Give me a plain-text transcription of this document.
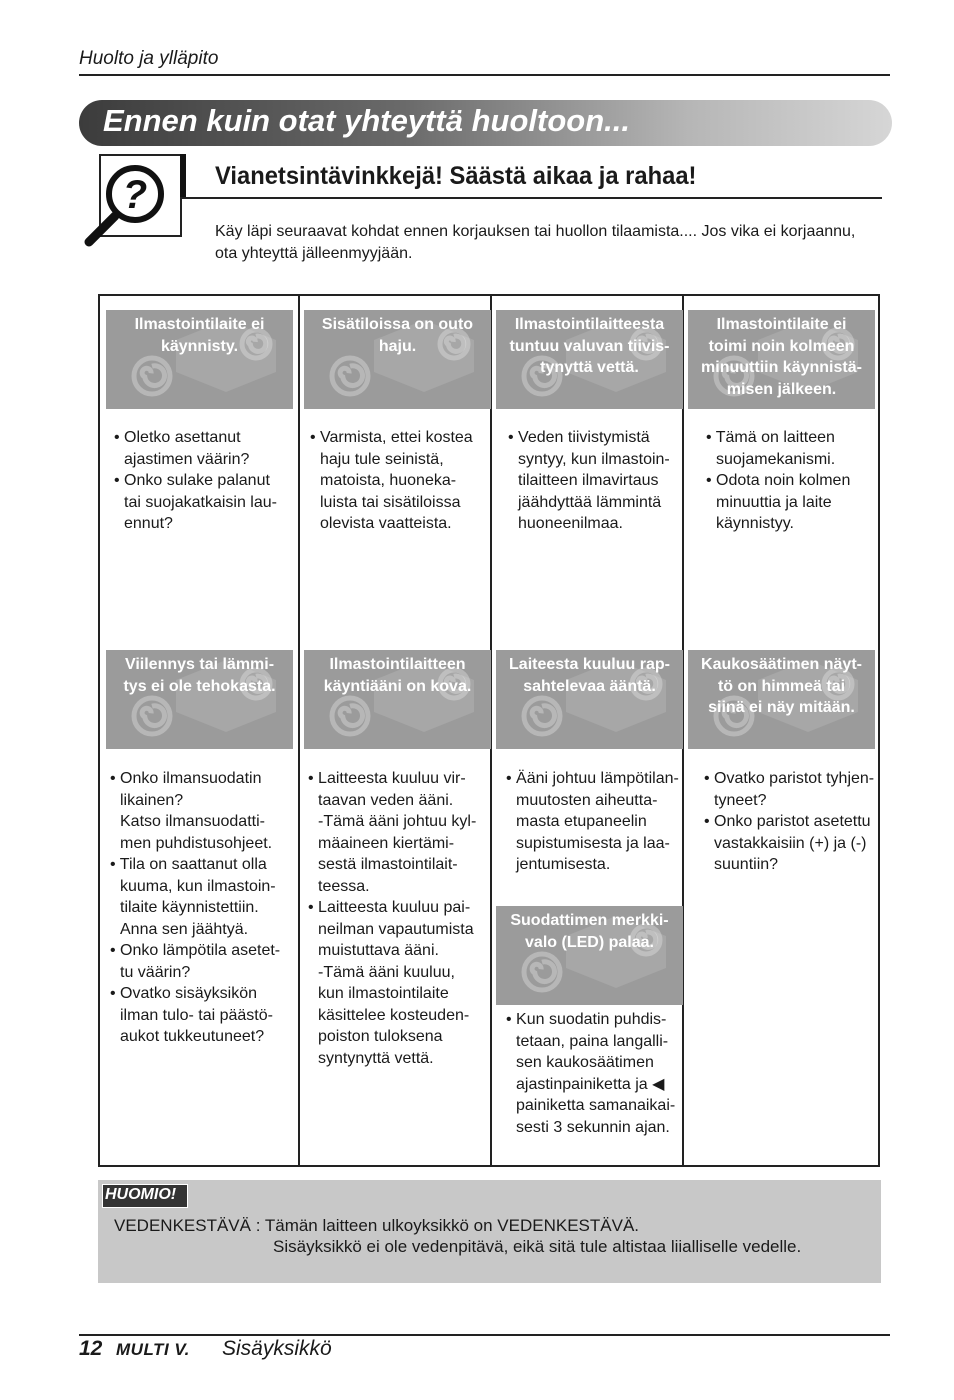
Huolto ja ylläpito
Ennen kuin otat yhteyttä huoltoon...
?	Vianetsintävinkkejä! Säästä aikaa ja rahaa!
Käy läpi seuraavat kohdat ennen korjauksen tai huollon tilaamista.... Jos vika ei korjaannu, ota yhteyttä jälleenmyyjään.
Ilmastointilaite ei
käynnisty.

• Oletko asettanut

ajastimen väärin?

• Onko sulake palanut

tai suojakatkaisin lau-

ennut?

Sisätiloissa on outo
haju.

• Varmista, ettei kostea

haju tule seinistä,

matoista, huoneka-

luista tai sisätiloissa

olevista vaatteista.

Ilmastointilaitteesta
tuntuu valuvan tiivis-
tynyttä vettä.

• Veden tiivistymistä

syntyy, kun ilmastoin-

tilaitteen ilmavirtaus

jäähdyttää lämmintä

huoneenilmaa.

Ilmastointilaite ei
toimi noin kolmeen
minuuttiin käynnistä-
misen jälkeen.

• Tämä on laitteen

suojamekanismi.

• Odota noin kolmen

minuuttia ja laite

käynnistyy.

Viilennys tai lämmi-
tys ei ole tehokasta.

• Onko ilmansuodatin

likainen?

Katso ilmansuodatti-

men puhdistusohjeet.

• Tila on saattanut olla

kuuma, kun ilmastoin-

tilaite käynnistettiin.

Anna sen jäähtyä.

• Onko lämpötila asetet-

tu väärin?

• Ovatko sisäyksikön

ilman tulo- tai päästö-

aukot tukkeutuneet?

Ilmastointilaitteen
käyntiääni on kova.

• Laitteesta kuuluu vir-

taavan veden ääni.

-Tämä ääni johtuu kyl-

mäaineen kiertämi-

sestä ilmastointilait-

teessa.

• Laitteesta kuuluu pai-

neilman vapautumista

muistuttava ääni.

-Tämä ääni kuuluu,

kun ilmastointilaite

käsittelee kosteuden-

poiston tuloksena

syntynyttä vettä.

Laiteesta kuuluu rap-
sahtelevaa ääntä.

• Ääni johtuu lämpötilan-

muutosten aiheutta-

masta etupaneelin

supistumisesta ja laa-

jentumisesta.

Kaukosäätimen näyt-
tö on himmeä tai
siinä ei näy mitään.

• Ovatko paristot tyhjen-

tyneet?

• Onko paristot asetettu

vastakkaisiin (+) ja (-)

suuntiin?

Suodattimen merkki-
valo (LED) palaa.

• Kun suodatin puhdis-

tetaan, paina langalli-

sen kaukosäätimen

ajastinpainiketta ja ◀

painiketta samanaikai-

sesti 3 sekunnin ajan.

HUOMIO!
VEDENKESTÄVÄ : Tämän laitteen ulkoyksikkö on VEDENKESTÄVÄ.
Sisäyksikkö ei ole vedenpitävä, eikä sitä tule altistaa liialliselle vedelle.
12 MULTI V. Sisäyksikkö
